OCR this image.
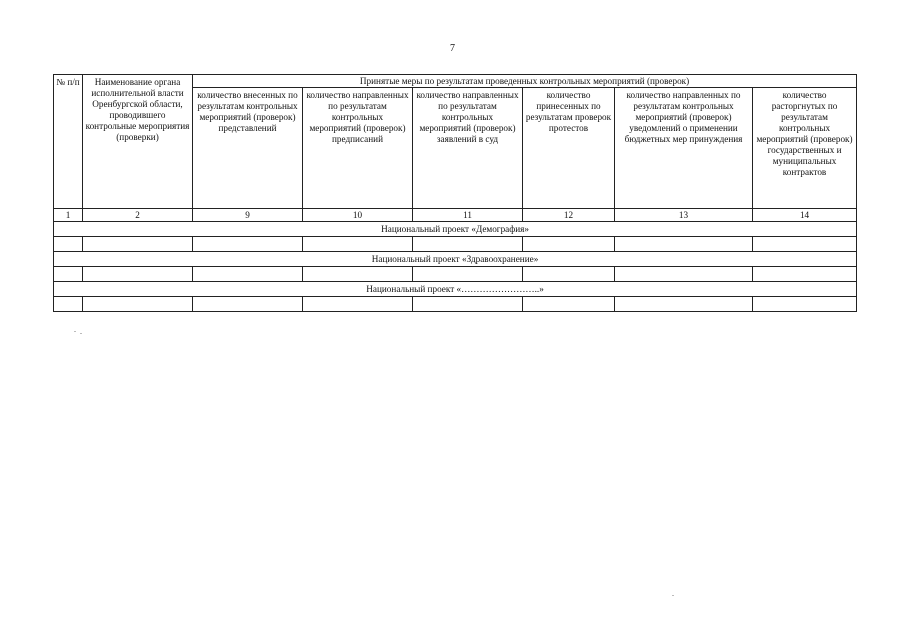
7
№ п/п	Наименование органа исполнительной власти Оренбургской области, проводившего контрольные мероприятия (проверки)	Принятые меры по результатам проведенных контрольных мероприятий (проверок)					
		количество внесенных по результатам контрольных мероприятий (проверок) представлений	количество направленных по результатам контрольных мероприятий (проверок) предписаний	количество направленных по результатам контрольных мероприятий (проверок) заявлений в суд	количество принесенных по результатам проверок протестов	количество направленных по результатам контрольных мероприятий (проверок) уведомлений о применении бюджетных мер принуждения	количество расторгнутых по результатам контрольных мероприятий (проверок) государственных и муниципальных контрактов
1	2	9	10	11	12	13	14
Национальный проект «Демография»							

Национальный проект «Здравоохранение»							

Национальный проект «……………………..»							
